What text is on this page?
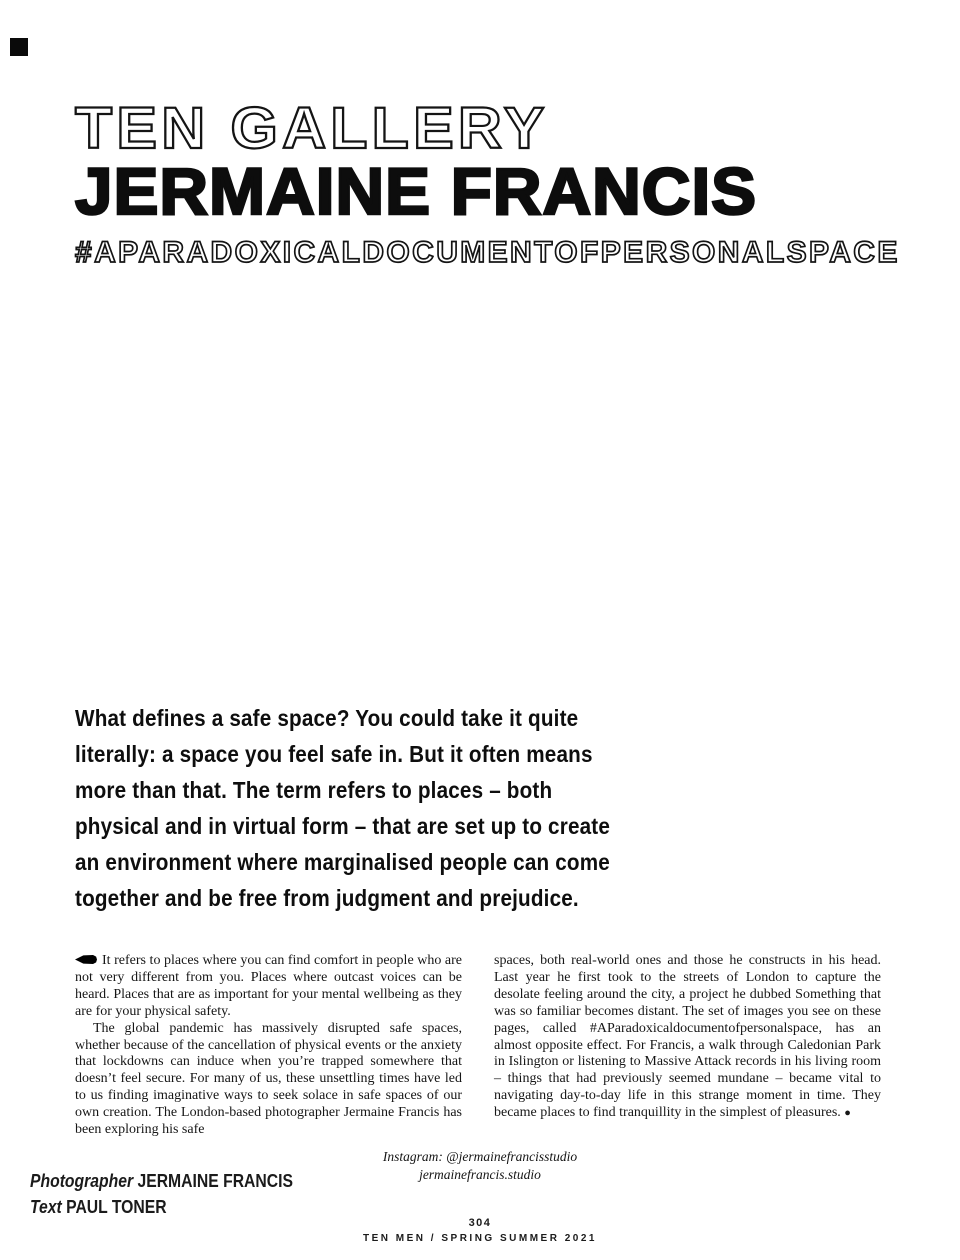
TEN GALLERY
JERMAINE FRANCIS
#APARADOXICALDOCUMENTOFPERSONALSPACE
What defines a safe space? You could take it quite
literally: a space you feel safe in. But it often means
more than that. The term refers to places – both
physical and in virtual form – that are set up to create
an environment where marginalised people can come
together and be free from judgment and prejudice.

It refers to places where you can find comfort in people who are not very different from you. Places where outcast voices can be heard. Places that are as important for your mental wellbeing as they are for your physical safety.

The global pandemic has massively disrupted safe spaces, whether because of the cancellation of physical events or the anxiety that lockdowns can induce when you’re trapped somewhere that doesn’t feel secure. For many of us, these unsettling times have led to us finding imaginative ways to seek solace in safe spaces of our own creation. The London-based photographer Jermaine Francis has been exploring his safe

spaces, both real-world ones and those he constructs in his head. Last year he first took to the streets of London to capture the desolate feeling around the city, a project he dubbed Something that was so familiar becomes distant. The set of images you see on these pages, called #AParadoxicaldocumentofpersonalspace, has an almost opposite effect. For Francis, a walk through Caledonian Park in Islington or listening to Massive Attack records in his living room – things that had previously seemed mundane – became vital to navigating day-to-day life in this strange moment in time. They became places to find tranquillity in the simplest of pleasures. ●

Photographer JERMAINE FRANCIS
Text PAUL TONER
Instagram: @jermainefrancisstudio
jermainefrancis.studio
304
TEN MEN / SPRING SUMMER 2021
